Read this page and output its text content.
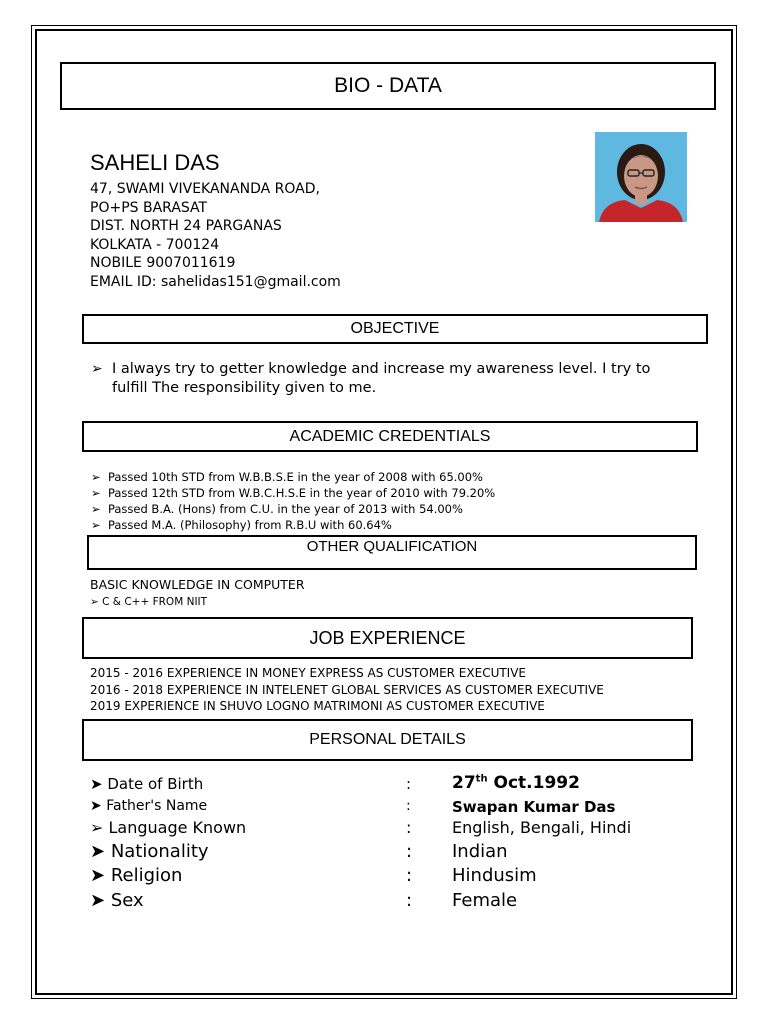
BIO - DATA
SAHELI DAS
47, SWAMI VIVEKANANDA ROAD,
PO+PS BARASAT
DIST. NORTH 24 PARGANAS
KOLKATA - 700124
NOBILE 9007011619
EMAIL ID: sahelidas151@gmail.com
OBJECTIVE
➢ I always try to getter knowledge and increase my awareness level. I try to
fulfill The responsibility given to me.
ACADEMIC CREDENTIALS
➢  Passed 10th STD from W.B.B.S.E in the year of 2008 with 65.00%
➢  Passed 12th STD from W.B.C.H.S.E in the year of 2010 with 79.20%
➢  Passed B.A. (Hons) from C.U. in the year of 2013 with 54.00%
➢  Passed M.A. (Philosophy) from R.B.U with 60.64%
OTHER QUALIFICATION
BASIC KNOWLEDGE IN COMPUTER
➢ C & C++ FROM NIIT
JOB EXPERIENCE
2015 - 2016 EXPERIENCE IN MONEY EXPRESS AS CUSTOMER EXECUTIVE
2016 - 2018 EXPERIENCE IN INTELENET GLOBAL SERVICES AS CUSTOMER EXECUTIVE
2019 EXPERIENCE IN SHUVO LOGNO MATRIMONI AS CUSTOMER EXECUTIVE
PERSONAL DETAILS
➤ Date of Birth	: 27th Oct.1992
➤ Father's Name	:	Swapan Kumar Das
➢ Language Known	:	English, Bengali, Hindi
➤ Nationality	: Indian
➤ Religion	: Hindusim
➤ Sex	: Female
